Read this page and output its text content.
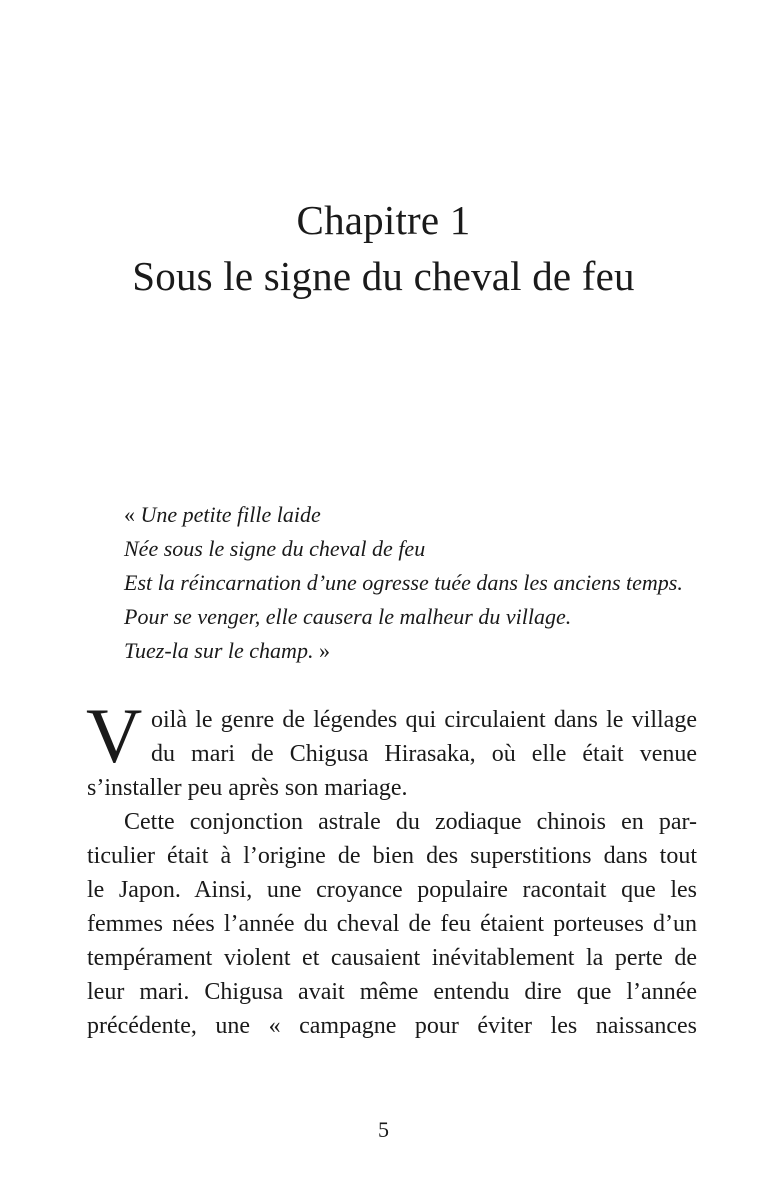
Chapitre 1
Sous le signe du cheval de feu
« Une petite fille laide
Née sous le signe du cheval de feu
Est la réincarnation d’une ogresse tuée dans les anciens temps.
Pour se venger, elle causera le malheur du village.
Tuez-la sur le champ. »
V oilà le genre de légendes qui circulaient dans le village
du mari de Chigusa Hirasaka, où elle était venue
s’installer peu après son mariage.
Cette conjonction astrale du zodiaque chinois en par-
ticulier était à l’origine de bien des superstitions dans tout
le Japon. Ainsi, une croyance populaire racontait que les
femmes nées l’année du cheval de feu étaient porteuses d’un
tempérament violent et causaient inévitablement la perte de
leur mari. Chigusa avait même entendu dire que l’année
précédente, une « campagne pour éviter les naissances
5
